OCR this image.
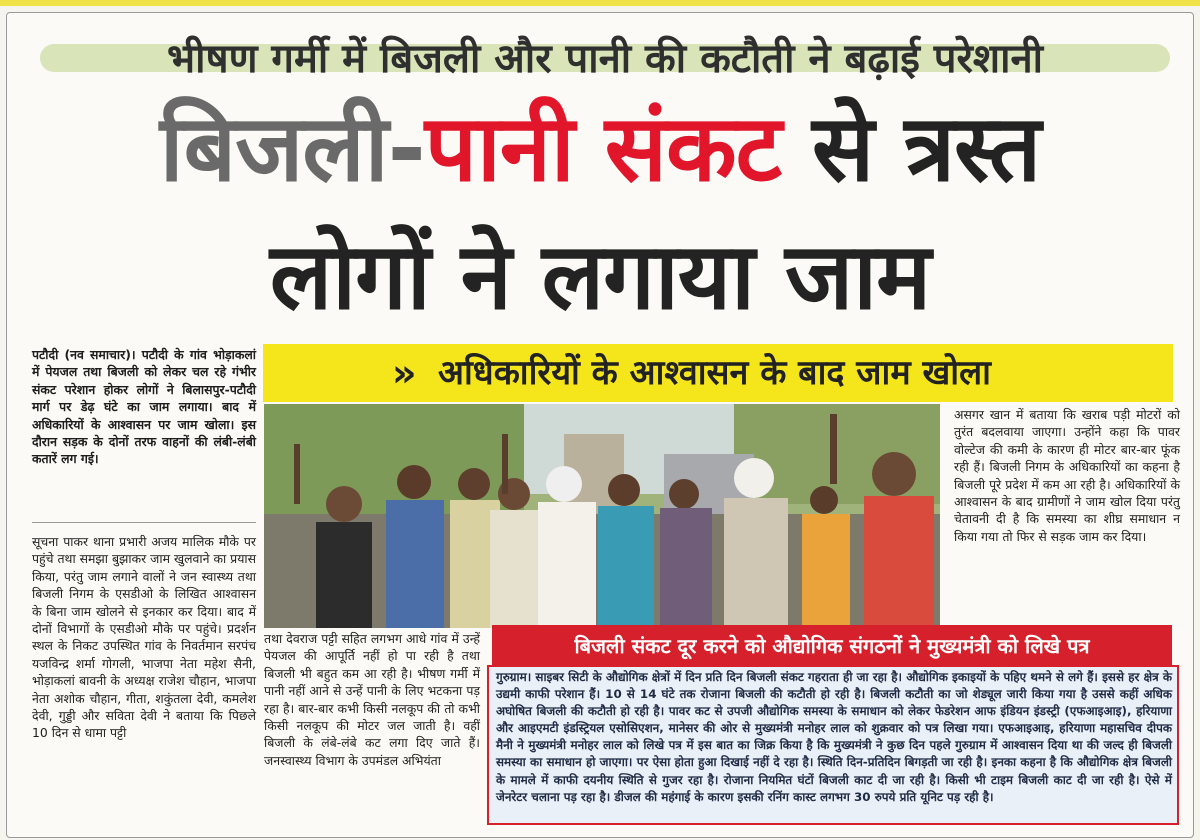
भीषण गर्मी में बिजली और पानी की कटौती ने बढ़ाई परेशानी
बिजली-पानी संकट से त्रस्त
लोगों ने लगाया जाम
पटौदी (नव समाचार)। पटौदी के गांव भोड़ाकलां में पेयजल तथा बिजली को लेकर चल रहे गंभीर संकट परेशान होकर लोगों ने बिलासपुर-पटौदी मार्ग पर डेढ़ घंटे का जाम लगाया। बाद में अधिकारियों के आश्वासन पर जाम खोला। इस दौरान सड़क के दोनों तरफ वाहनों की लंबी-लंबी कतारें लग गई।
सूचना पाकर थाना प्रभारी अजय मालिक मौके पर पहुंचे तथा समझा बुझाकर जाम खुलवाने का प्रयास किया, परंतु जाम लगाने वालों ने जन स्वास्थ्य तथा बिजली निगम के एसडीओ के लिखित आश्वासन के बिना जाम खोलने से इनकार कर दिया। बाद में दोनों विभागों के एसडीओ मौके पर पहुंचे। प्रदर्शन स्थल के निकट उपस्थित गांव के निवर्तमान सरपंच यजविन्द्र शर्मा गोगली, भाजपा नेता महेश सैनी, भोड़ाकलां बावनी के अध्यक्ष राजेश चौहान, भाजपा नेता अशोक चौहान, गीता, शकुंतला देवी, कमलेश देवी, गुड्डी और सविता देवी ने बताया कि पिछले 10 दिन से धामा पट्टी
» अधिकारियों के आश्वासन के बाद जाम खोला
असगर खान में बताया कि खराब पड़ी मोटरों को तुरंत बदलवाया जाएगा। उन्होंने कहा कि पावर वोल्टेज की कमी के कारण ही मोटर बार-बार फूंक रही हैं। बिजली निगम के अधिकारियों का कहना है बिजली पूरे प्रदेश में कम आ रही है। अधिकारियों के आश्वासन के बाद ग्रामीणों ने जाम खोल दिया परंतु चेतावनी दी है कि समस्या का शीघ्र समाधान न किया गया तो फिर से सड़क जाम कर दिया।
तथा देवराज पट्टी सहित लगभग आधे गांव में उन्हें पेयजल की आपूर्ति नहीं हो पा रही है तथा बिजली भी बहुत कम आ रही है। भीषण गर्मी में पानी नहीं आने से उन्हें पानी के लिए भटकना पड़ रहा है। बार-बार कभी किसी नलकूप की तो कभी किसी नलकूप की मोटर जल जाती है। वहीं बिजली के लंबे-लंबे कट लगा दिए जाते हैं। जनस्वास्थ्य विभाग के उपमंडल अभियंता
बिजली संकट दूर करने को औद्योगिक संगठनों ने मुख्यमंत्री को लिखे पत्र
गुरुग्राम। साइबर सिटी के औद्योगिक क्षेत्रों में दिन प्रति दिन बिजली संकट गहराता ही जा रहा है। औद्योगिक इकाइयों के पहिए थमने से लगे हैं। इससे हर क्षेत्र के उद्यमी काफी परेशान हैं। 10 से 14 घंटे तक रोजाना बिजली की कटौती हो रही है। बिजली कटौती का जो शेड्यूल जारी किया गया है उससे कहीं अधिक अघोषित बिजली की कटौती हो रही है। पावर कट से उपजी औद्योगिक समस्या के समाधान को लेकर फेडरेशन आफ इंडियन इंडस्ट्री (एफआइआइ), हरियाणा और आइएमटी इंडस्ट्रियल एसोसिएशन, मानेसर की ओर से मुख्यमंत्री मनोहर लाल को शुक्रवार को पत्र लिखा गया। एफआइआइ, हरियाणा महासचिव दीपक मैनी ने मुख्यमंत्री मनोहर लाल को लिखे पत्र में इस बात का जिक्र किया है कि मुख्यमंत्री ने कुछ दिन पहले गुरुग्राम में आश्वासन दिया था की जल्द ही बिजली समस्या का समाधान हो जाएगा। पर ऐसा होता हुआ दिखाई नहीं दे रहा है। स्थिति दिन-प्रतिदिन बिगड़ती जा रही है। इनका कहना है कि औद्योगिक क्षेत्र बिजली के मामले में काफी दयनीय स्थिति से गुजर रहा है। रोजाना नियमित घंटों बिजली काट दी जा रही है। किसी भी टाइम बिजली काट दी जा रही है। ऐसे में जेनरेटर चलाना पड़ रहा है। डीजल की महंगाई के कारण इसकी रनिंग कास्ट लगभग 30 रुपये प्रति यूनिट पड़ रही है।
